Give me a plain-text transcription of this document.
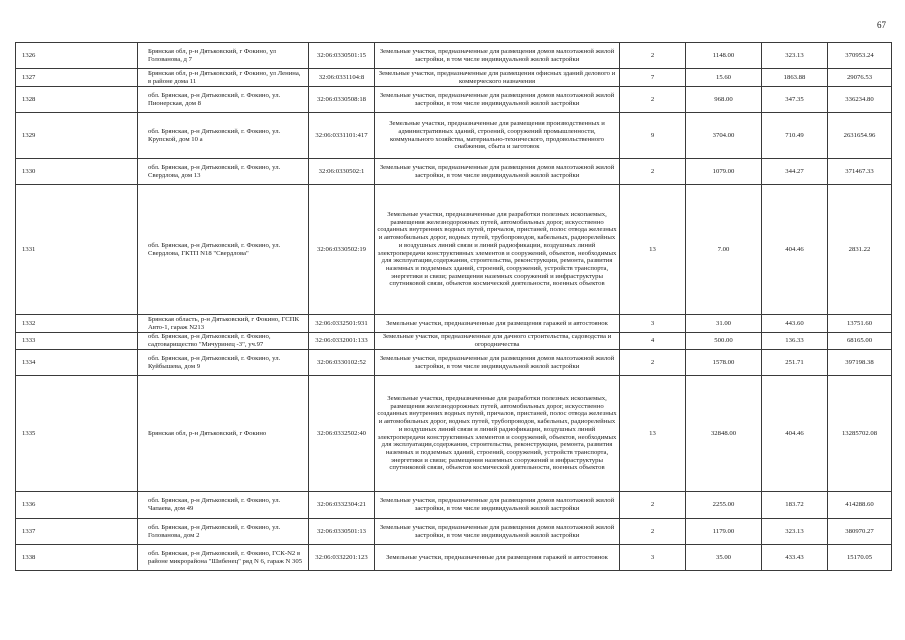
67
1326	Брянская обл, р-н Дятьковский, г Фокино, ул Голованова, д 7	32:06:0330501:15	Земельные участки, предназначенные для размещения домов малоэтажной жилой застройки, в том числе индивидуальной жилой застройки	2	1148.00	323.13	370953.24
1327	Брянская обл, р-н Дятьковский, г Фокино, ул Ленина, в районе дома 11	32:06:0331104:8	Земельные участки, предназначенные для размещения офисных зданий делового и коммерческого назначения	7	15.60	1863.88	29076.53
1328	обл. Брянская, р-н Дятьковский, г. Фокино, ул. Пионерская, дом 8	32:06:0330508:18	Земельные участки, предназначенные для размещения домов малоэтажной жилой застройки, в том числе индивидуальной жилой застройки	2	968.00	347.35	336234.80
1329	обл. Брянская, р-н Дятьковский, г. Фокино, ул. Крупской, дом 10 а	32:06:0331101:417	Земельные участки, предназначенные для размещения производственных и административных зданий, строений, сооружений промышленности, коммунального хозяйства, материально-технического, продовольственного снабжения, сбыта и заготовок	9	3704.00	710.49	2631654.96
1330	обл. Брянская, р-н Дятьковский, г. Фокино, ул. Свердлова, дом 13	32:06:0330502:1	Земельные участки, предназначенные для размещения домов малоэтажной жилой застройки, в том числе индивидуальной жилой застройки	2	1079.00	344.27	371467.33
1331	обл. Брянская, р-н Дятьковский, г. Фокино, ул. Свердлова, ГКТП N18 "Свердлова"	32:06:0330502:19	Земельные участки, предназначенные для разработки полезных ископаемых, размещения железнодорожных путей, автомобильных дорог, искусственно созданных внутренних водных путей, причалов, пристаней, полос отвода железных и автомобильных дорог, водных путей, трубопроводов, кабельных, радиорелейных и воздушных линий связи и линий радиофикации, воздушных линий электропередачи конструктивных элементов и сооружений, объектов, необходимых для эксплуатации,содержания, строительства, реконструкции, ремонта, развития наземных и подземных зданий, строений, сооружений, устройств транспорта, энергетики и связи; размещения наземных сооружений и инфраструктуры спутниковой связи, объектов космической деятельности, военных объектов	13	7.00	404.46	2831.22
1332	Брянская область, р-н Дятьковский, г Фокино, ГСПК Авто-1, гараж N213	32:06:0332501:931	Земельные участки, предназначенные для размещения гаражей и автостоянок	3	31.00	443.60	13751.60
1333	обл. Брянская, р-н Дятьковский, г. Фокино, садтоварищество "Мичуринец -3", уч.97	32:06:0332001:133	Земельные участки, предназначенные для дачного строительства, садоводства и огородничества	4	500.00	136.33	68165.00
1334	обл. Брянская, р-н Дятьковский, г. Фокино, ул. Куйбышева, дом 9	32:06:0330102:52	Земельные участки, предназначенные для размещения домов малоэтажной жилой застройки, в том числе индивидуальной жилой застройки	2	1578.00	251.71	397198.38
1335	Брянская обл, р-н Дятьковский, г Фокино	32:06:0332502:40	Земельные участки, предназначенные для разработки полезных ископаемых, размещения железнодорожных путей, автомобильных дорог, искусственно созданных внутренних водных путей, причалов, пристаней, полос отвода железных и автомобильных дорог, водных путей, трубопроводов, кабельных, радиорелейных и воздушных линий связи и линий радиофикации, воздушных линий электропередачи конструктивных элементов и сооружений, объектов, необходимых для эксплуатации,содержания, строительства, реконструкции, ремонта, развития наземных и подземных зданий, строений, сооружений, устройств транспорта, энергетики и связи; размещения наземных сооружений и инфраструктуры спутниковой связи, объектов космической деятельности, военных объектов	13	32848.00	404.46	13285702.08
1336	обл. Брянская, р-н Дятьковский, г. Фокино, ул. Чапаева, дом 49	32:06:0332304:21	Земельные участки, предназначенные для размещения домов малоэтажной жилой застройки, в том числе индивидуальной жилой застройки	2	2255.00	183.72	414288.60
1337	обл. Брянская, р-н Дятьковский, г. Фокино, ул. Голованова, дом 2	32:06:0330501:13	Земельные участки, предназначенные для размещения домов малоэтажной жилой застройки, в том числе индивидуальной жилой застройки	2	1179.00	323.13	380970.27
1338	обл. Брянская, р-н Дятьковский, г. Фокино, ГСК-N2 в районе микрорайона "Шибенец" ряд N 6, гараж N 305	32:06:0332201:123	Земельные участки, предназначенные для размещения гаражей и автостоянок	3	35.00	433.43	15170.05
